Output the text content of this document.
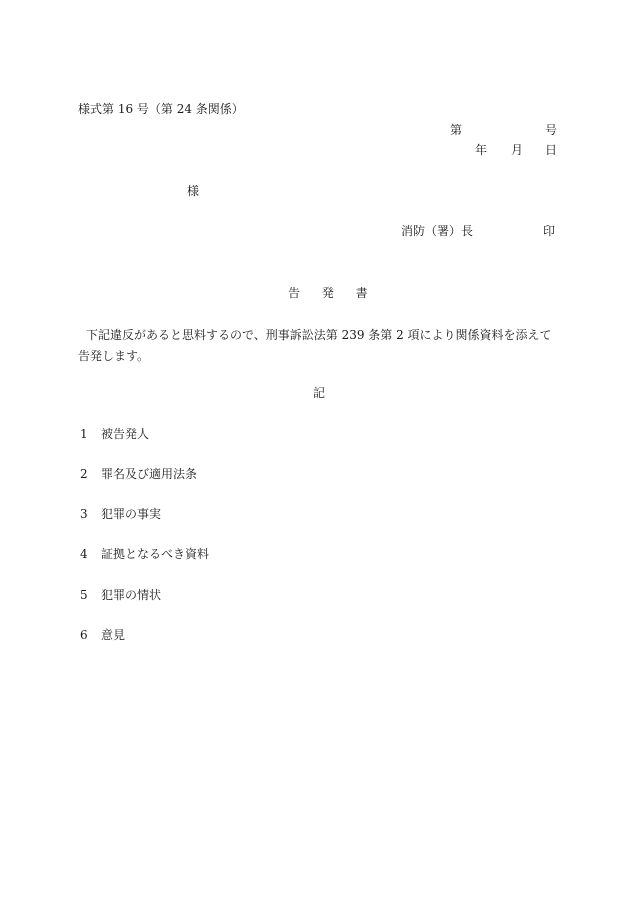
様式第 16 号（第 24 条関係）
第	号
年 月 日
様
消防（署）長	印
告 発 書
下記違反があると思料するので、刑事訴訟法第 239 条第 2 項により関係資料を添えて告発します。
記
1 被告発人
2 罪名及び適用法条
3 犯罪の事実
4 証拠となるべき資料
5 犯罪の情状
6 意見
